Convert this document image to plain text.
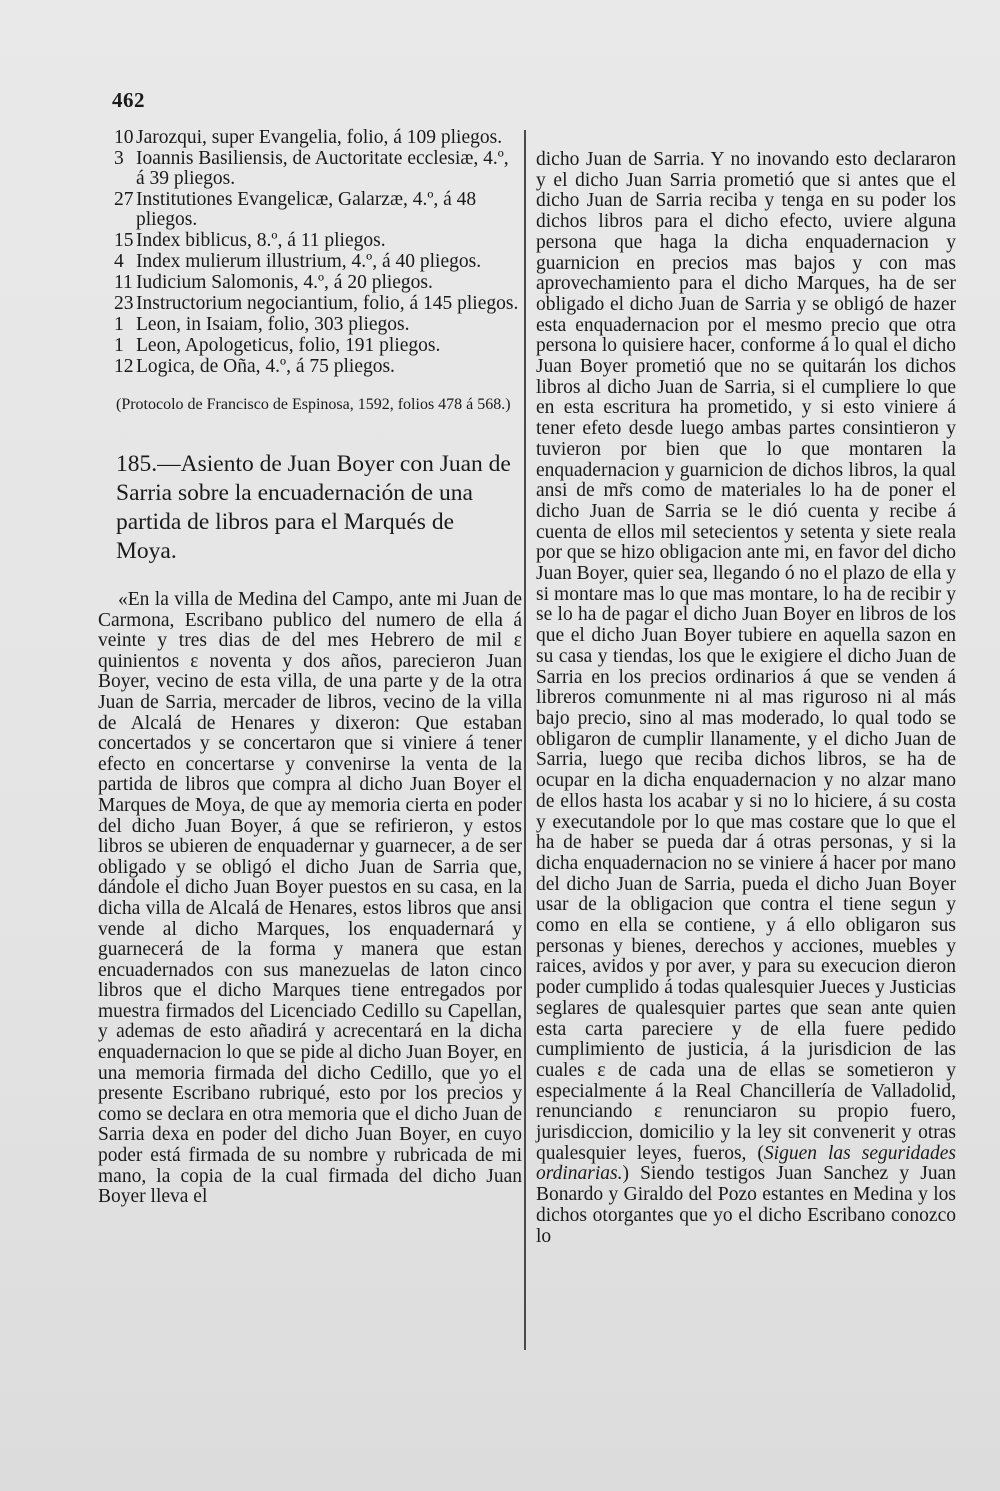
462
10 Jarozqui, super Evangelia, folio, á 109 pliegos.
3 Ioannis Basiliensis, de Auctoritate ecclesiæ, 4.º, á 39 pliegos.
27 Institutiones Evangelicæ, Galarzæ, 4.º, á 48 pliegos.
15 Index biblicus, 8.º, á 11 pliegos.
4 Index mulierum illustrium, 4.º, á 40 pliegos.
11 Iudicium Salomonis, 4.º, á 20 pliegos.
23 Instructorium negociantium, folio, á 145 pliegos.
1 Leon, in Isaiam, folio, 303 pliegos.
1 Leon, Apologeticus, folio, 191 pliegos.
12 Logica, de Oña, 4.º, á 75 pliegos.
(Protocolo de Francisco de Espinosa, 1592, folios 478 á 568.)
185.—Asiento de Juan Boyer con Juan de Sarria sobre la encuadernación de una partida de libros para el Marqués de Moya.

«En la villa de Medina del Campo, ante mi Juan de Carmona, Escribano publico del numero de ella á veinte y tres dias de del mes Hebrero de mil ɛ quinientos ɛ noventa y dos años, parecieron Juan Boyer, vecino de esta villa, de una parte y de la otra Juan de Sarria, mercader de libros, vecino de la villa de Alcalá de Henares y dixeron: Que estaban concertados y se concertaron que si viniere á tener efecto en concertarse y convenirse la venta de la partida de libros que compra al dicho Juan Boyer el Marques de Moya, de que ay memoria cierta en poder del dicho Juan Boyer, á que se refirieron, y estos libros se ubieren de enquadernar y guarnecer, a de ser obligado y se obligó el dicho Juan de Sarria que, dándole el dicho Juan Boyer puestos en su casa, en la dicha villa de Alcalá de Henares, estos libros que ansi vende al dicho Marques, los enquadernará y guarnecerá de la forma y manera que estan encuadernados con sus manezuelas de laton cinco libros que el dicho Marques tiene entregados por muestra firmados del Licenciado Cedillo su Capellan, y ademas de esto añadirá y acrecentará en la dicha enquadernacion lo que se pide al dicho Juan Boyer, en una memoria firmada del dicho Cedillo, que yo el presente Escribano rubriqué, esto por los precios y como se declara en otra memoria que el dicho Juan de Sarria dexa en poder del dicho Juan Boyer, en cuyo poder está firmada de su nombre y rubricada de mi mano, la copia de la cual firmada del dicho Juan Boyer lleva el

dicho Juan de Sarria. Y no inovando esto declararon y el dicho Juan Sarria prometió que si antes que el dicho Juan de Sarria reciba y tenga en su poder los dichos libros para el dicho efecto, uviere alguna persona que haga la dicha enquadernacion y guarnicion en precios mas bajos y con mas aprovechamiento para el dicho Marques, ha de ser obligado el dicho Juan de Sarria y se obligó de hazer esta enquadernacion por el mesmo precio que otra persona lo quisiere hacer, conforme á lo qual el dicho Juan Boyer prometió que no se quitarán los dichos libros al dicho Juan de Sarria, si el cumpliere lo que en esta escritura ha prometido, y si esto viniere á tener efeto desde luego ambas partes consintieron y tuvieron por bien que lo que montaren la enquadernacion y guarnicion de dichos libros, la qual ansi de mr̃s como de materiales lo ha de poner el dicho Juan de Sarria se le dió cuenta y recibe á cuenta de ellos mil setecientos y setenta y siete reala por que se hizo obligacion ante mi, en favor del dicho Juan Boyer, quier sea, llegando ó no el plazo de ella y si montare mas lo que mas montare, lo ha de recibir y se lo ha de pagar el dicho Juan Boyer en libros de los que el dicho Juan Boyer tubiere en aquella sazon en su casa y tiendas, los que le exigiere el dicho Juan de Sarria en los precios ordinarios á que se venden á libreros comunmente ni al mas riguroso ni al más bajo precio, sino al mas moderado, lo qual todo se obligaron de cumplir llanamente, y el dicho Juan de Sarria, luego que reciba dichos libros, se ha de ocupar en la dicha enquadernacion y no alzar mano de ellos hasta los acabar y si no lo hiciere, á su costa y executandole por lo que mas costare que lo que el ha de haber se pueda dar á otras personas, y si la dicha enquadernacion no se viniere á hacer por mano del dicho Juan de Sarria, pueda el dicho Juan Boyer usar de la obligacion que contra el tiene segun y como en ella se contiene, y á ello obligaron sus personas y bienes, derechos y acciones, muebles y raices, avidos y por aver, y para su execucion dieron poder cumplido á todas qualesquier Jueces y Justicias seglares de qualesquier partes que sean ante quien esta carta pareciere y de ella fuere pedido cumplimiento de justicia, á la jurisdicion de las cuales ɛ de cada una de ellas se sometieron y especialmente á la Real Chancillería de Valladolid, renunciando ɛ renunciaron su propio fuero, jurisdiccion, domicilio y la ley sit convenerit y otras qualesquier leyes, fueros, (Siguen las seguridades ordinarias.) Siendo testigos Juan Sanchez y Juan Bonardo y Giraldo del Pozo estantes en Medina y los dichos otorgantes que yo el dicho Escribano conozco lo
